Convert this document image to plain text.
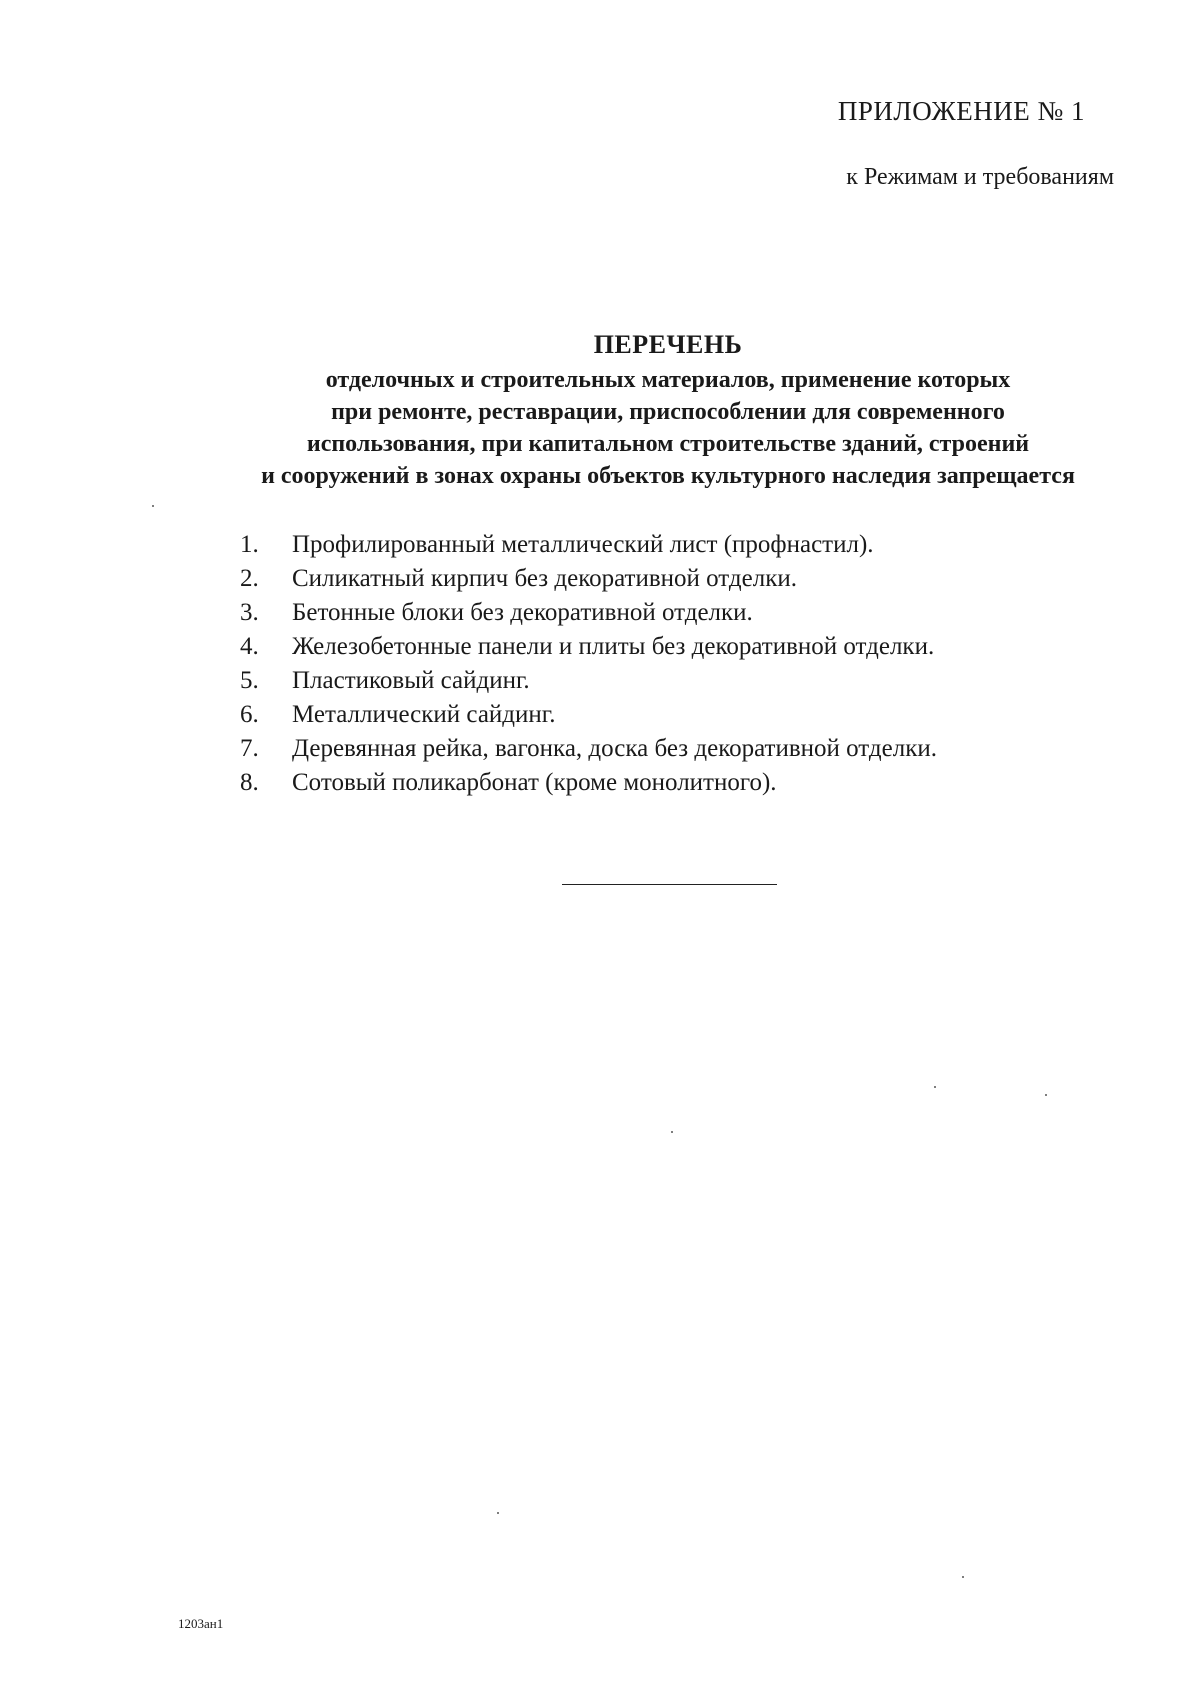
ПРИЛОЖЕНИЕ № 1
к Режимам и требованиям
ПЕРЕЧЕНЬ
отделочных и строительных материалов, применение которых
при ремонте, реставрации, приспособлении для современного
использования, при капитальном строительстве зданий, строений
и сооружений в зонах охраны объектов культурного наследия запрещается
1.	Профилированный металлический лист (профнастил).
2.	Силикатный кирпич без декоративной отделки.
3.	Бетонные блоки без декоративной отделки.
4.	Железобетонные панели и плиты без декоративной отделки.
5.	Пластиковый сайдинг.
6.	Металлический сайдинг.
7.	Деревянная рейка, вагонка, доска без декоративной отделки.
8.	Сотовый поликарбонат (кроме монолитного).
1203ан1
